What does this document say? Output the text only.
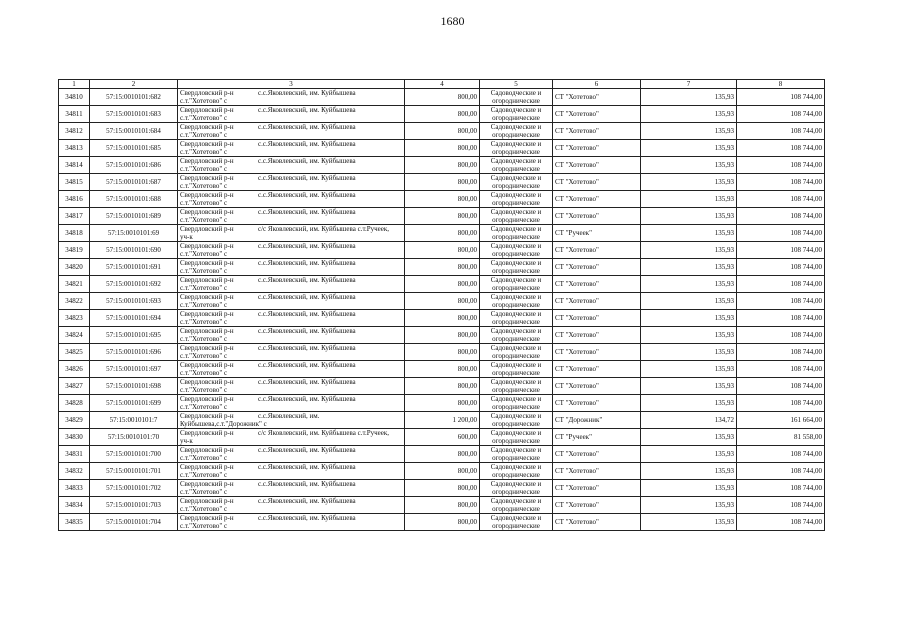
1680
1	2	3	4	5	6	7	8
34810	57:15:0010101:682	Свердловский р-н с.с.Яковлевский, им. Куйбышева
с.т."Хотетово" с	800,00	Садоводческие и
огороднические	СТ "Хотетово"	135,93	108 744,00
34811	57:15:0010101:683	Свердловский р-н с.с.Яковлевский, им. Куйбышева
с.т."Хотетово" с	800,00	Садоводческие и
огороднические	СТ "Хотетово"	135,93	108 744,00
34812	57:15:0010101:684	Свердловский р-н с.с.Яковлевский, им. Куйбышева
с.т."Хотетово" с	800,00	Садоводческие и
огороднические	СТ "Хотетово"	135,93	108 744,00
34813	57:15:0010101:685	Свердловский р-н с.с.Яковлевский, им. Куйбышева
с.т."Хотетово" с	800,00	Садоводческие и
огороднические	СТ "Хотетово"	135,93	108 744,00
34814	57:15:0010101:686	Свердловский р-н с.с.Яковлевский, им. Куйбышева
с.т."Хотетово" с	800,00	Садоводческие и
огороднические	СТ "Хотетово"	135,93	108 744,00
34815	57:15:0010101:687	Свердловский р-н с.с.Яковлевский, им. Куйбышева
с.т."Хотетово" с	800,00	Садоводческие и
огороднические	СТ "Хотетово"	135,93	108 744,00
34816	57:15:0010101:688	Свердловский р-н с.с.Яковлевский, им. Куйбышева
с.т."Хотетово" с	800,00	Садоводческие и
огороднические	СТ "Хотетово"	135,93	108 744,00
34817	57:15:0010101:689	Свердловский р-н с.с.Яковлевский, им. Куйбышева
с.т."Хотетово" с	800,00	Садоводческие и
огороднические	СТ "Хотетово"	135,93	108 744,00
34818	57:15:0010101:69	Свердловский р-н с/с Яковлевский, им. Куйбышева с.т.Ручеек,
уч-к	800,00	Садоводческие и
огороднические	СТ "Ручеек"	135,93	108 744,00
34819	57:15:0010101:690	Свердловский р-н с.с.Яковлевский, им. Куйбышева
с.т."Хотетово" с	800,00	Садоводческие и
огороднические	СТ "Хотетово"	135,93	108 744,00
34820	57:15:0010101:691	Свердловский р-н с.с.Яковлевский, им. Куйбышева
с.т."Хотетово" с	800,00	Садоводческие и
огороднические	СТ "Хотетово"	135,93	108 744,00
34821	57:15:0010101:692	Свердловский р-н с.с.Яковлевский, им. Куйбышева
с.т."Хотетово" с	800,00	Садоводческие и
огороднические	СТ "Хотетово"	135,93	108 744,00
34822	57:15:0010101:693	Свердловский р-н с.с.Яковлевский, им. Куйбышева
с.т."Хотетово" с	800,00	Садоводческие и
огороднические	СТ "Хотетово"	135,93	108 744,00
34823	57:15:0010101:694	Свердловский р-н с.с.Яковлевский, им. Куйбышева
с.т."Хотетово" с	800,00	Садоводческие и
огороднические	СТ "Хотетово"	135,93	108 744,00
34824	57:15:0010101:695	Свердловский р-н с.с.Яковлевский, им. Куйбышева
с.т."Хотетово" с	800,00	Садоводческие и
огороднические	СТ "Хотетово"	135,93	108 744,00
34825	57:15:0010101:696	Свердловский р-н с.с.Яковлевский, им. Куйбышева
с.т."Хотетово" с	800,00	Садоводческие и
огороднические	СТ "Хотетово"	135,93	108 744,00
34826	57:15:0010101:697	Свердловский р-н с.с.Яковлевский, им. Куйбышева
с.т."Хотетово" с	800,00	Садоводческие и
огороднические	СТ "Хотетово"	135,93	108 744,00
34827	57:15:0010101:698	Свердловский р-н с.с.Яковлевский, им. Куйбышева
с.т."Хотетово" с	800,00	Садоводческие и
огороднические	СТ "Хотетово"	135,93	108 744,00
34828	57:15:0010101:699	Свердловский р-н с.с.Яковлевский, им. Куйбышева
с.т."Хотетово" с	800,00	Садоводческие и
огороднические	СТ "Хотетово"	135,93	108 744,00
34829	57:15:0010101:7	Свердловский р-н с.с.Яковлевский, им.
Куйбышева,с.т."Дорожник" с	1 200,00	Садоводческие и
огороднические	СТ "Дорожник"	134,72	161 664,00
34830	57:15:0010101:70	Свердловский р-н с/с Яковлевский, им. Куйбышева с.т.Ручеек,
уч-к	600,00	Садоводческие и
огороднические	СТ "Ручеек"	135,93	81 558,00
34831	57:15:0010101:700	Свердловский р-н с.с.Яковлевский, им. Куйбышева
с.т."Хотетово" с	800,00	Садоводческие и
огороднические	СТ "Хотетово"	135,93	108 744,00
34832	57:15:0010101:701	Свердловский р-н с.с.Яковлевский, им. Куйбышева
с.т."Хотетово" с	800,00	Садоводческие и
огороднические	СТ "Хотетово"	135,93	108 744,00
34833	57:15:0010101:702	Свердловский р-н с.с.Яковлевский, им. Куйбышева
с.т."Хотетово" с	800,00	Садоводческие и
огороднические	СТ "Хотетово"	135,93	108 744,00
34834	57:15:0010101:703	Свердловский р-н с.с.Яковлевский, им. Куйбышева
с.т."Хотетово" с	800,00	Садоводческие и
огороднические	СТ "Хотетово"	135,93	108 744,00
34835	57:15:0010101:704	Свердловский р-н с.с.Яковлевский, им. Куйбышева
с.т."Хотетово" с	800,00	Садоводческие и
огороднические	СТ "Хотетово"	135,93	108 744,00
